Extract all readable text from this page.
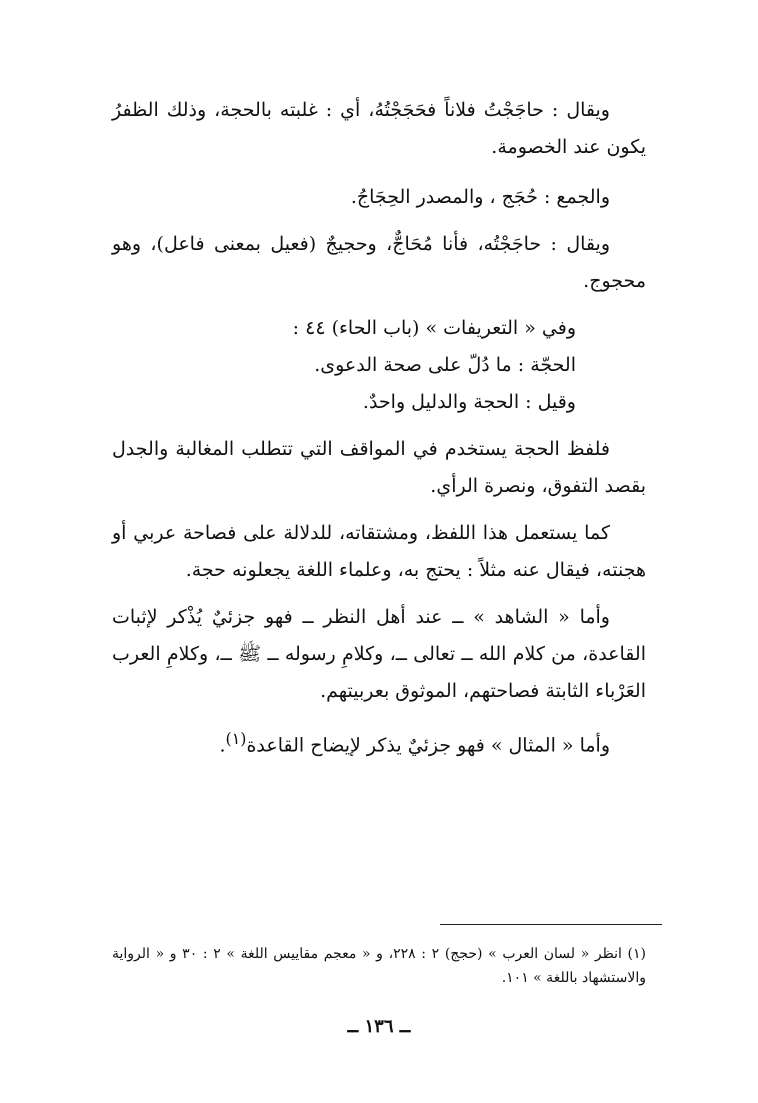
ويقال : حاجَجْتُ فلاناً فحَجَجْتُهُ، أي : غلبته بالحجة، وذلك الظفرُ يكون عند الخصومة.

والجمع : حُجَج ، والمصدر الحِجَاجُ.

ويقال : حاجَجْتُه، فأنا مُحَاجٌّ، وحجيجٌ (فعيل بمعنى فاعل)، وهو محجوج.

وفي « التعريفات » (باب الحاء) ٤٤ :
الحجّة : ما دُلّ على صحة الدعوى.
وقيل : الحجة والدليل واحدٌ.

فلفظ الحجة يستخدم في المواقف التي تتطلب المغالبة والجدل بقصد التفوق، ونصرة الرأي.

كما يستعمل هذا اللفظ، ومشتقاته، للدلالة على فصاحة عربي أو هجنته، فيقال عنه مثلاً : يحتج به، وعلماء اللغة يجعلونه حجة.

وأما « الشاهد » ــ عند أهل النظر ــ فهو جزئيٌ يُذْكر لإثبات القاعدة، من كلام الله ــ تعالى ــ، وكلامِ رسوله ــ ﷺ ــ، وكلامِ العرب العَرْباء الثابتة فصاحتهم، الموثوق بعربيتهم.

وأما « المثال » فهو جزئيٌ يذكر لإيضاح القاعدة$^{(١)}$.

(١) انظر « لسان العرب » (حجج) ٢ : ٢٢٨، و « معجم مقاييس اللغة » ٢ : ٣٠ و « الرواية والاستشهاد باللغة » ١٠١.
ــ ١٣٦ ــ
